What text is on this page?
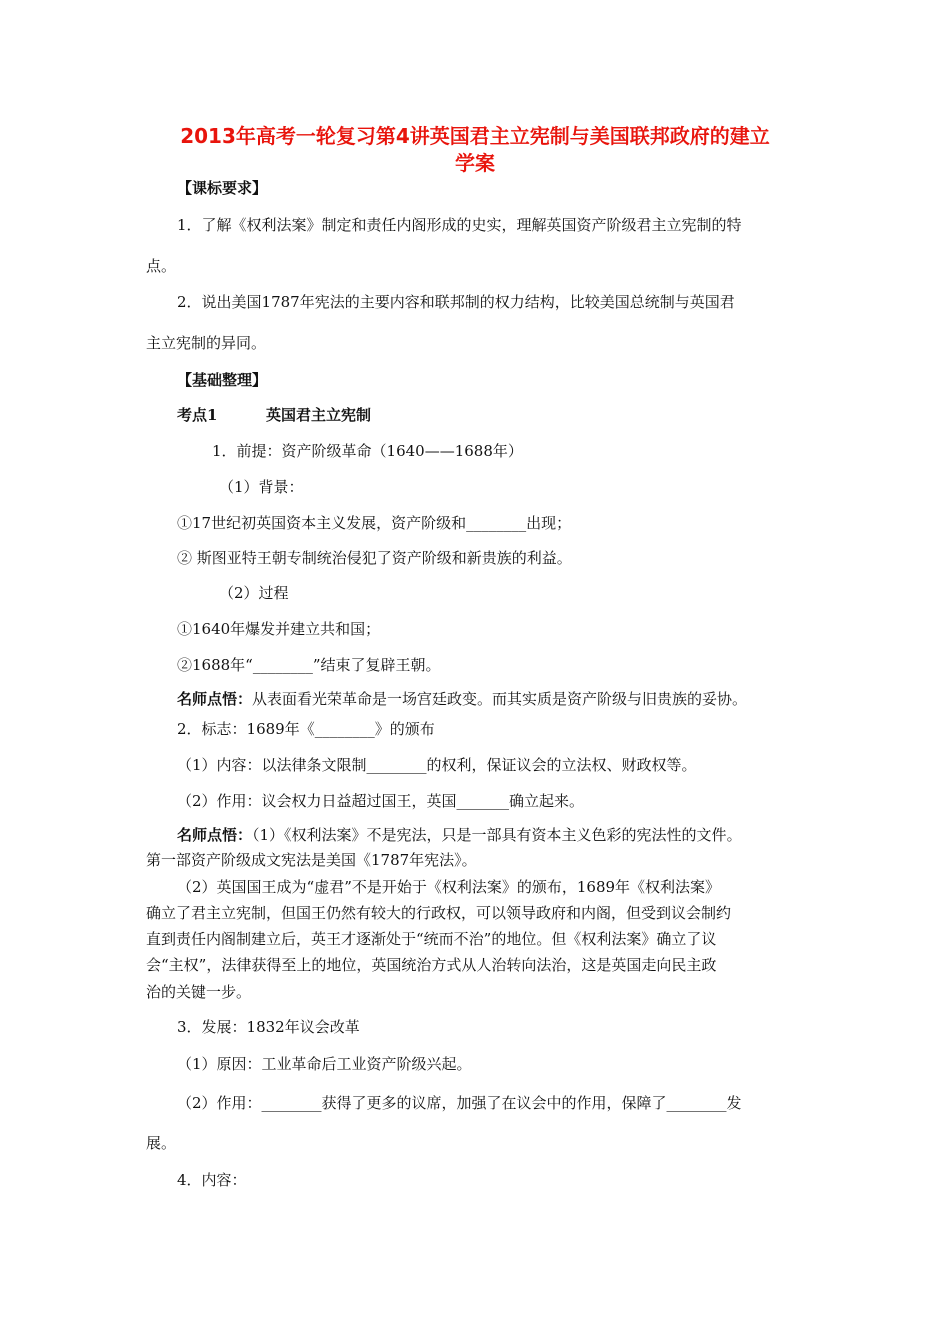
2013年高考一轮复习第4讲英国君主立宪制与美国联邦政府的建立
学案
【课标要求】
1．了解《权利法案》制定和责任内阁形成的史实，理解英国资产阶级君主立宪制的特
点。
2．说出美国1787年宪法的主要内容和联邦制的权力结构，比较美国总统制与英国君
主立宪制的异同。
【基础整理】
考点1	英国君主立宪制
1．前提：资产阶级革命（1640——1688年）
（1）背景：
①17世纪初英国资本主义发展，资产阶级和________出现；
② 斯图亚特王朝专制统治侵犯了资产阶级和新贵族的利益。
（2）过程
①1640年爆发并建立共和国；
②1688年“________”结束了复辟王朝。
名师点悟：从表面看光荣革命是一场宫廷政变。而其实质是资产阶级与旧贵族的妥协。
2．标志：1689年《________》的颁布
（1）内容：以法律条文限制________的权利，保证议会的立法权、财政权等。
（2）作用：议会权力日益超过国王，英国_______确立起来。
名师点悟：（1）《权利法案》不是宪法，只是一部具有资本主义色彩的宪法性的文件。
第一部资产阶级成文宪法是美国《1787年宪法》。
（2）英国国王成为“虚君”不是开始于《权利法案》的颁布，1689年《权利法案》
确立了君主立宪制，但国王仍然有较大的行政权，可以领导政府和内阁，但受到议会制约
直到责任内阁制建立后，英王才逐渐处于“统而不治”的地位。但《权利法案》确立了议
会“主权”，法律获得至上的地位，英国统治方式从人治转向法治，这是英国走向民主政
治的关键一步。
3．发展：1832年议会改革
（1）原因：工业革命后工业资产阶级兴起。
（2）作用：________获得了更多的议席，加强了在议会中的作用，保障了________发
展。
4．内容：
